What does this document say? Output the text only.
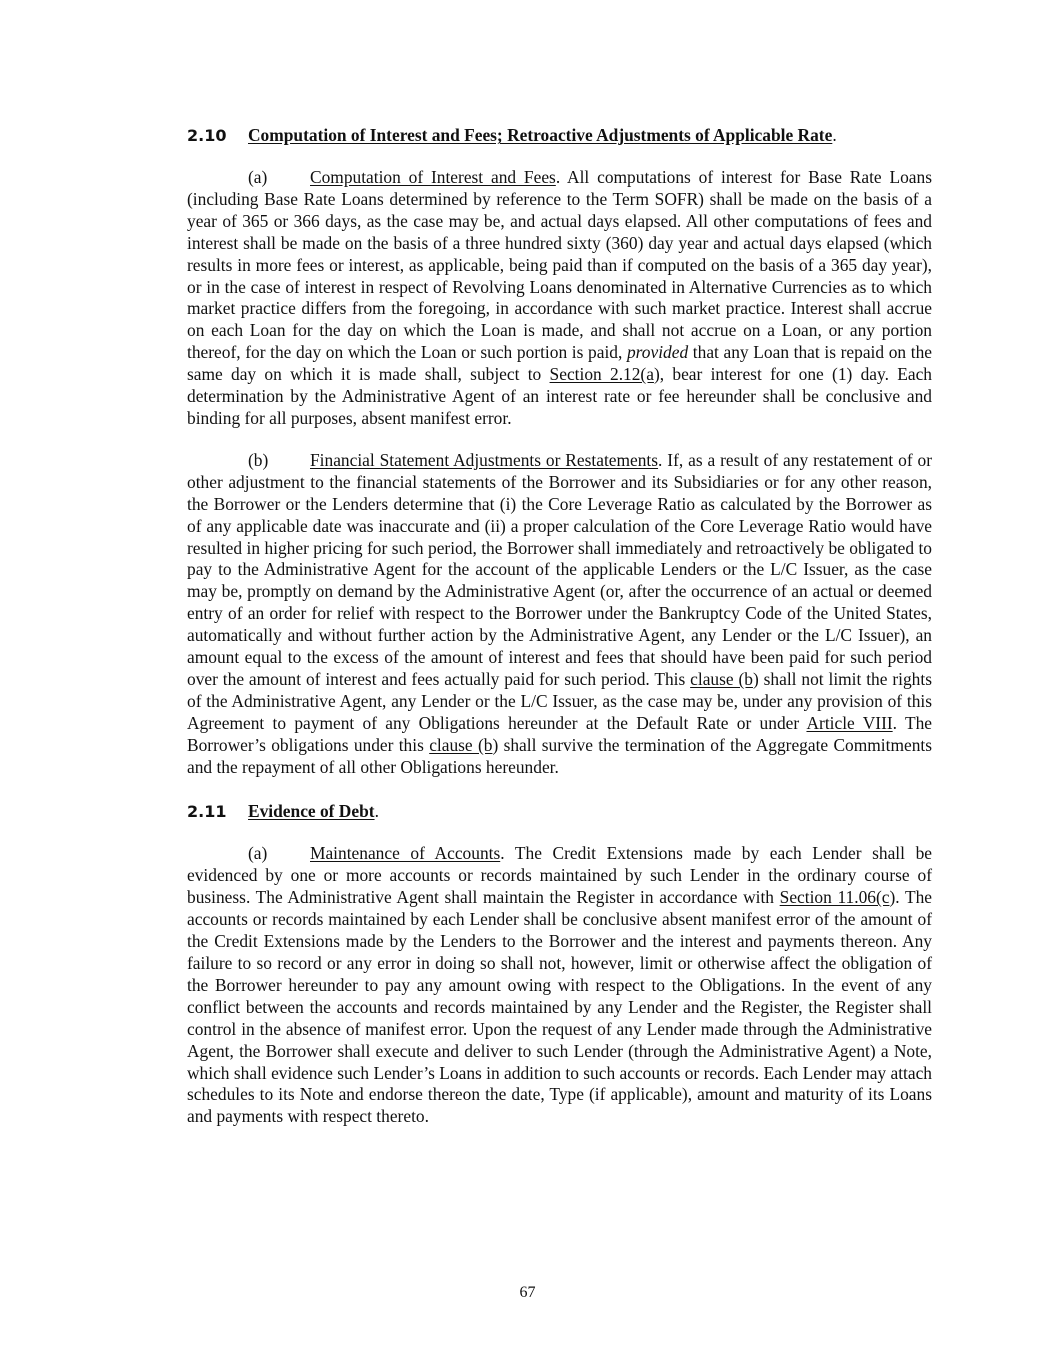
2.10	Computation of Interest and Fees; Retroactive Adjustments of Applicable Rate .

(a) Computation of Interest and Fees. All computations of interest for Base Rate Loans (including Base Rate Loans determined by reference to the Term SOFR) shall be made on the basis of a year of 365 or 366 days, as the case may be, and actual days elapsed. All other computations of fees and interest shall be made on the basis of a three hundred sixty (360) day year and actual days elapsed (which results in more fees or interest, as applicable, being paid than if computed on the basis of a 365 day year), or in the case of interest in respect of Revolving Loans denominated in Alternative Currencies as to which market practice differs from the foregoing, in accordance with such market practice. Interest shall accrue on each Loan for the day on which the Loan is made, and shall not accrue on a Loan, or any portion thereof, for the day on which the Loan or such portion is paid, provided that any Loan that is repaid on the same day on which it is made shall, subject to Section 2.12(a), bear interest for one (1) day. Each determination by the Administrative Agent of an interest rate or fee hereunder shall be conclusive and binding for all purposes, absent manifest error.

(b) Financial Statement Adjustments or Restatements. If, as a result of any restatement of or other adjustment to the financial statements of the Borrower and its Subsidiaries or for any other reason, the Borrower or the Lenders determine that (i) the Core Leverage Ratio as calculated by the Borrower as of any applicable date was inaccurate and (ii) a proper calculation of the Core Leverage Ratio would have resulted in higher pricing for such period, the Borrower shall immediately and retroactively be obligated to pay to the Administrative Agent for the account of the applicable Lenders or the L/C Issuer, as the case may be, promptly on demand by the Administrative Agent (or, after the occurrence of an actual or deemed entry of an order for relief with respect to the Borrower under the Bankruptcy Code of the United States, automatically and without further action by the Administrative Agent, any Lender or the L/C Issuer), an amount equal to the excess of the amount of interest and fees that should have been paid for such period over the amount of interest and fees actually paid for such period. This clause (b) shall not limit the rights of the Administrative Agent, any Lender or the L/C Issuer, as the case may be, under any provision of this Agreement to payment of any Obligations hereunder at the Default Rate or under Article VIII. The Borrower’s obligations under this clause (b) shall survive the termination of the Aggregate Commitments and the repayment of all other Obligations hereunder.

2.11	Evidence of Debt .

(a) Maintenance of Accounts. The Credit Extensions made by each Lender shall be evidenced by one or more accounts or records maintained by such Lender in the ordinary course of business. The Administrative Agent shall maintain the Register in accordance with Section 11.06(c). The accounts or records maintained by each Lender shall be conclusive absent manifest error of the amount of the Credit Extensions made by the Lenders to the Borrower and the interest and payments thereon. Any failure to so record or any error in doing so shall not, however, limit or otherwise affect the obligation of the Borrower hereunder to pay any amount owing with respect to the Obligations. In the event of any conflict between the accounts and records maintained by any Lender and the Register, the Register shall control in the absence of manifest error. Upon the request of any Lender made through the Administrative Agent, the Borrower shall execute and deliver to such Lender (through the Administrative Agent) a Note, which shall evidence such Lender’s Loans in addition to such accounts or records. Each Lender may attach schedules to its Note and endorse thereon the date, Type (if applicable), amount and maturity of its Loans and payments with respect thereto.

67
